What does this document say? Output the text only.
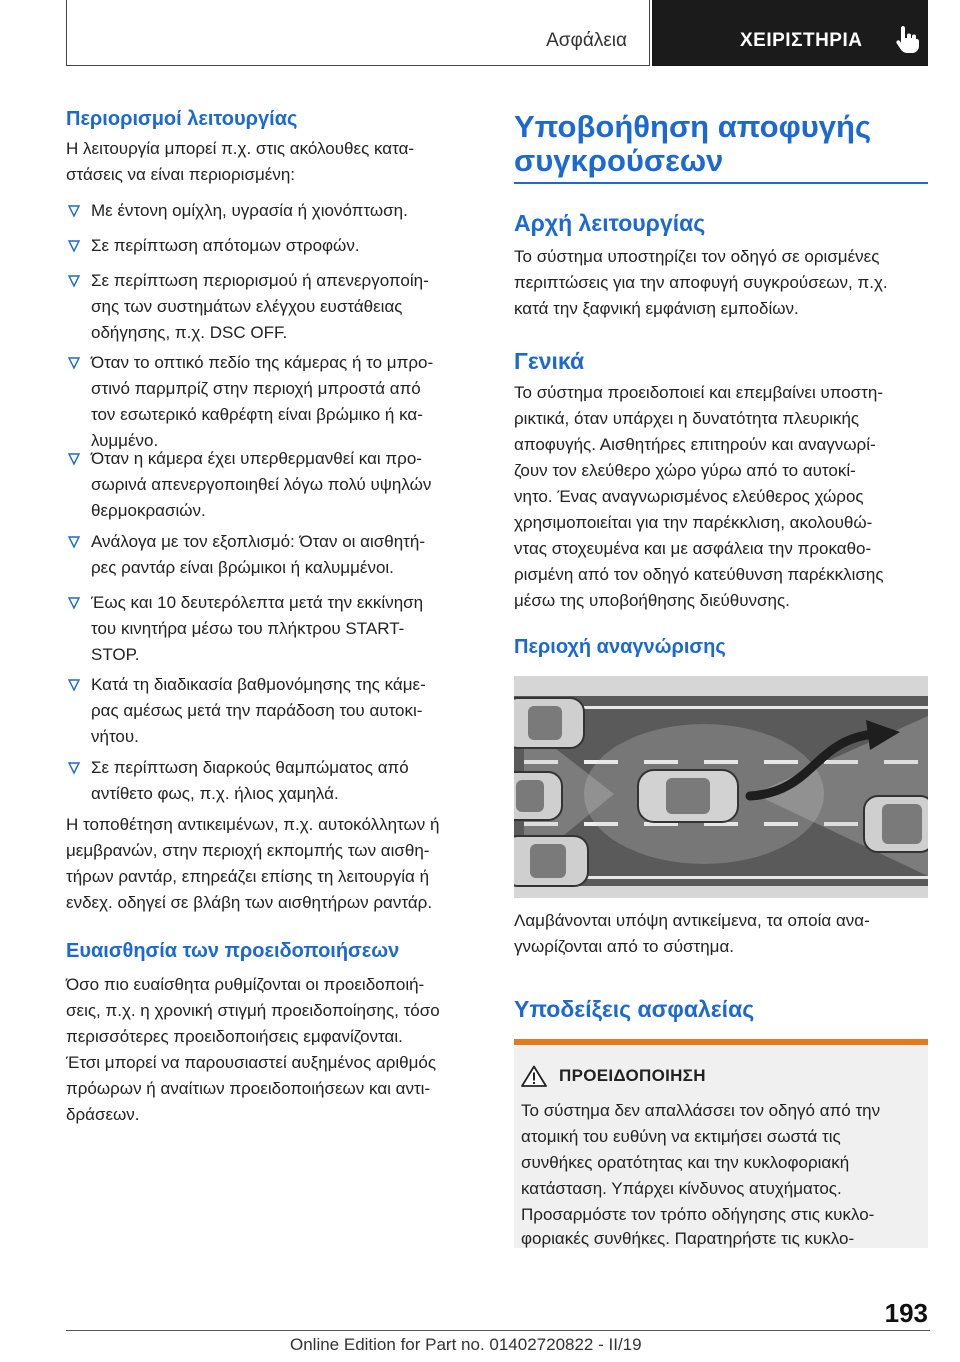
Ασφάλεια	ΧΕΙΡΙΣΤΗΡΙΑ
Περιορισμοί λειτουργίας

Η λειτουργία μπορεί π.χ. στις ακόλουθες κατα-

στάσεις να είναι περιορισμένη:

Με έντονη ομίχλη, υγρασία ή χιονόπτωση.
Σε περίπτωση απότομων στροφών.
Σε περίπτωση περιορισμού ή απενεργοποίη-
σης των συστημάτων ελέγχου ευστάθειας
οδήγησης, π.χ. DSC OFF.
Όταν το οπτικό πεδίο της κάμερας ή το μπρο-
στινό παρμπρίζ στην περιοχή μπροστά από
τον εσωτερικό καθρέφτη είναι βρώμικο ή κα-
λυμμένο.
Όταν η κάμερα έχει υπερθερμανθεί και προ-
σωρινά απενεργοποιηθεί λόγω πολύ υψηλών
θερμοκρασιών.
Ανάλογα με τον εξοπλισμό: Όταν οι αισθητή-
ρες ραντάρ είναι βρώμικοι ή καλυμμένοι.
Έως και 10 δευτερόλεπτα μετά την εκκίνηση
του κινητήρα μέσω του πλήκτρου START-
STOP.
Κατά τη διαδικασία βαθμονόμησης της κάμε-
ρας αμέσως μετά την παράδοση του αυτοκι-
νήτου.
Σε περίπτωση διαρκούς θαμπώματος από
αντίθετο φως, π.χ. ήλιος χαμηλά.

Η τοποθέτηση αντικειμένων, π.χ. αυτοκόλλητων ή

μεμβρανών, στην περιοχή εκπομπής των αισθη-

τήρων ραντάρ, επηρεάζει επίσης τη λειτουργία ή

ενδεχ. οδηγεί σε βλάβη των αισθητήρων ραντάρ.

Ευαισθησία των προειδοποιήσεων

Όσο πιο ευαίσθητα ρυθμίζονται οι προειδοποιή-

σεις, π.χ. η χρονική στιγμή προειδοποίησης, τόσο

περισσότερες προειδοποιήσεις εμφανίζονται.

Έτσι μπορεί να παρουσιαστεί αυξημένος αριθμός

πρόωρων ή αναίτιων προειδοποιήσεων και αντι-

δράσεων.

Υποβοήθηση αποφυγής
συγκρούσεων
Αρχή λειτουργίας

Το σύστημα υποστηρίζει τον οδηγό σε ορισμένες

περιπτώσεις για την αποφυγή συγκρούσεων, π.χ.

κατά την ξαφνική εμφάνιση εμποδίων.

Γενικά

Το σύστημα προειδοποιεί και επεμβαίνει υποστη-

ρικτικά, όταν υπάρχει η δυνατότητα πλευρικής

αποφυγής. Αισθητήρες επιτηρούν και αναγνωρί-

ζουν τον ελεύθερο χώρο γύρω από το αυτοκί-

νητο. Ένας αναγνωρισμένος ελεύθερος χώρος

χρησιμοποιείται για την παρέκκλιση, ακολουθώ-

ντας στοχευμένα και με ασφάλεια την προκαθο-

ρισμένη από τον οδηγό κατεύθυνση παρέκκλισης

μέσω της υποβοήθησης διεύθυνσης.

Περιοχή αναγνώρισης

Λαμβάνονται υπόψη αντικείμενα, τα οποία ανα-

γνωρίζονται από το σύστημα.

Υποδείξεις ασφαλείας
ΠΡΟΕΙΔΟΠΟΙΗΣΗ

Το σύστημα δεν απαλλάσσει τον οδηγό από την

ατομική του ευθύνη να εκτιμήσει σωστά τις

συνθήκες ορατότητας και την κυκλοφοριακή

κατάσταση. Υπάρχει κίνδυνος ατυχήματος.

Προσαρμόστε τον τρόπο οδήγησης στις κυκλο-

φοριακές συνθήκες. Παρατηρήστε τις κυκλο-

193
Online Edition for Part no. 01402720822 - II/19
